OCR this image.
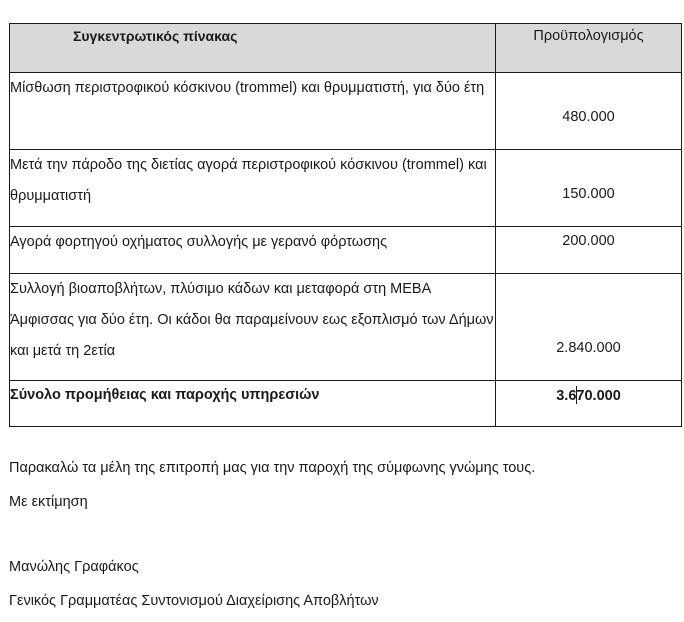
Συγκεντρωτικός πίνακας	Προϋπολογισμός
Μίσθωση περιστροφικού κόσκινου (trommel) και θρυμματιστή, για δύο έτη	480.000

Μετά την πάροδο της διετίας αγορά περιστροφικού κόσκινου (trommel) και θρυμματιστή	150.000

Αγορά φορτηγού οχήματος συλλογής με γερανό φόρτωσης	200.000

Συλλογή βιοαποβλήτων, πλύσιμο κάδων και μεταφορά στη ΜΕΒΑ Άμφισσας για δύο έτη. Οι κάδοι θα παραμείνουν εως εξοπλισμό των Δήμων και μετά τη 2ετία	2.840.000

Σύνολο προμήθειας και παροχής υπηρεσιών	3.670.000

Παρακαλώ τα μέλη της επιτροπή μας για την παροχή της σύμφωνης γνώμης τους.

Με εκτίμηση

Μανώλης Γραφάκος

Γενικός Γραμματέας Συντονισμού Διαχείρισης Αποβλήτων
